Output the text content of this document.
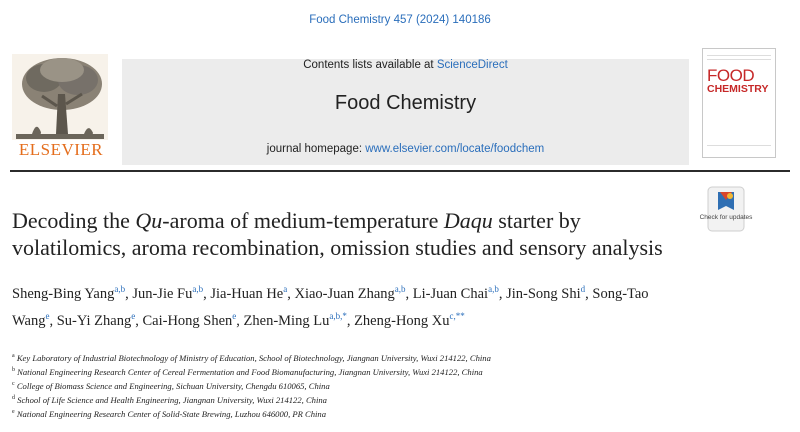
Food Chemistry 457 (2024) 140186
ELSEVIER
Contents lists available at ScienceDirect
Food Chemistry
journal homepage: www.elsevier.com/locate/foodchem
FOOD
CHEMISTRY
Decoding the Qu-aroma of medium-temperature Daqu starter by volatilomics, aroma recombination, omission studies and sensory analysis
Check for updates
Sheng-Bing Yang$^{a,b}$, Jun-Jie Fu$^{a,b}$, Jia-Huan He$^a$, Xiao-Juan Zhang$^{a,b}$, Li-Juan Chai$^{a,b}$, Jin-Song Shi$^d$, Song-Tao Wang$^e$, Su-Yi Zhang$^e$, Cai-Hong Shen$^e$, Zhen-Ming $Lu^{a,b,*}$, Zheng-Hong $Xu^{c,**}$
$^a$ Key Laboratory of Industrial Biotechnology of Ministry of Education, School of Biotechnology, Jiangnan University, Wuxi 214122, China
$^b$ National Engineering Research Center of Cereal Fermentation and Food Biomanufacturing, Jiangnan University, Wuxi 214122, China
$^c$ College of Biomass Science and Engineering, Sichuan University, Chengdu 610065, China
$^d$ School of Life Science and Health Engineering, Jiangnan University, Wuxi 214122, China
$^e$ National Engineering Research Center of Solid-State Brewing, Luzhou 646000, PR China
